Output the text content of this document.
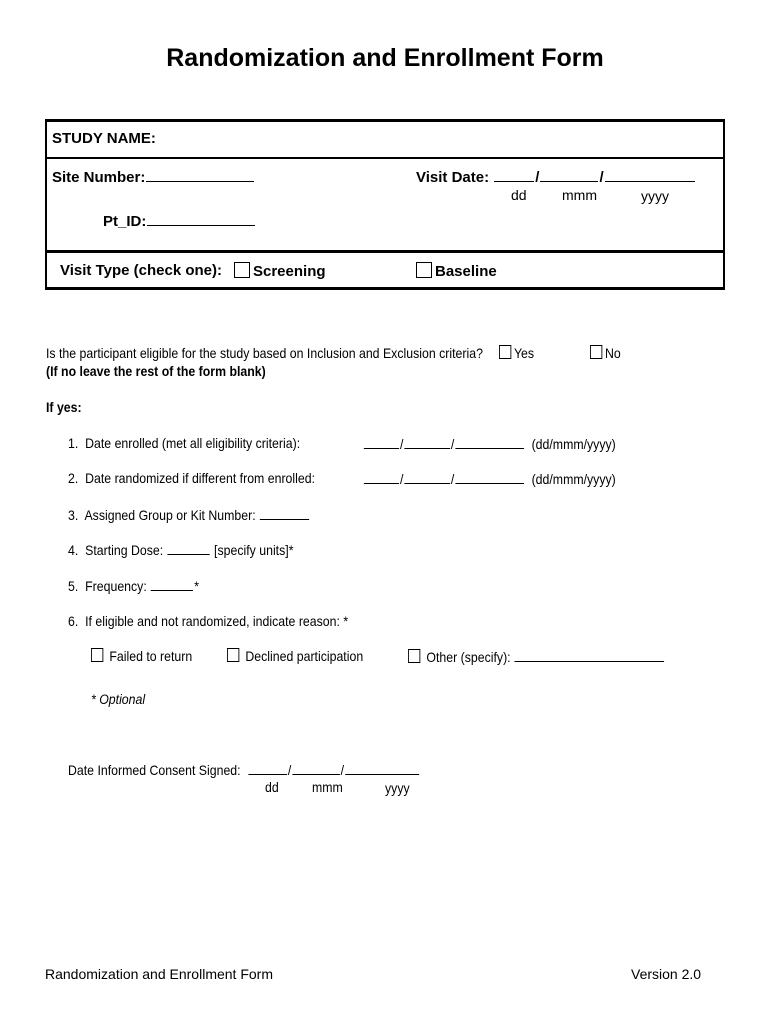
Randomization and Enrollment Form
STUDY NAME:
Site Number:
Pt_ID:
Visit Date:	/	/
dd	mmm	yyyy
Visit Type (check one):	Screening	Baseline
Is the participant eligible for the study based on Inclusion and Exclusion criteria?	Yes	No
(If no leave the rest of the form blank)
If yes:
1. Date enrolled (met all eligibility criteria):	/	/	(dd/mmm/yyyy)
2. Date randomized if different from enrolled:	/	/	(dd/mmm/yyyy)
3. Assigned Group or Kit Number:
4. Starting Dose:	[specify units]*
5. Frequency:	*
6. If eligible and not randomized, indicate reason: *
Failed to return	Declined participation	Other (specify):
* Optional
Date Informed Consent Signed:	/	/
dd mmm	yyyy
Randomization and Enrollment Form	Version 2.0
